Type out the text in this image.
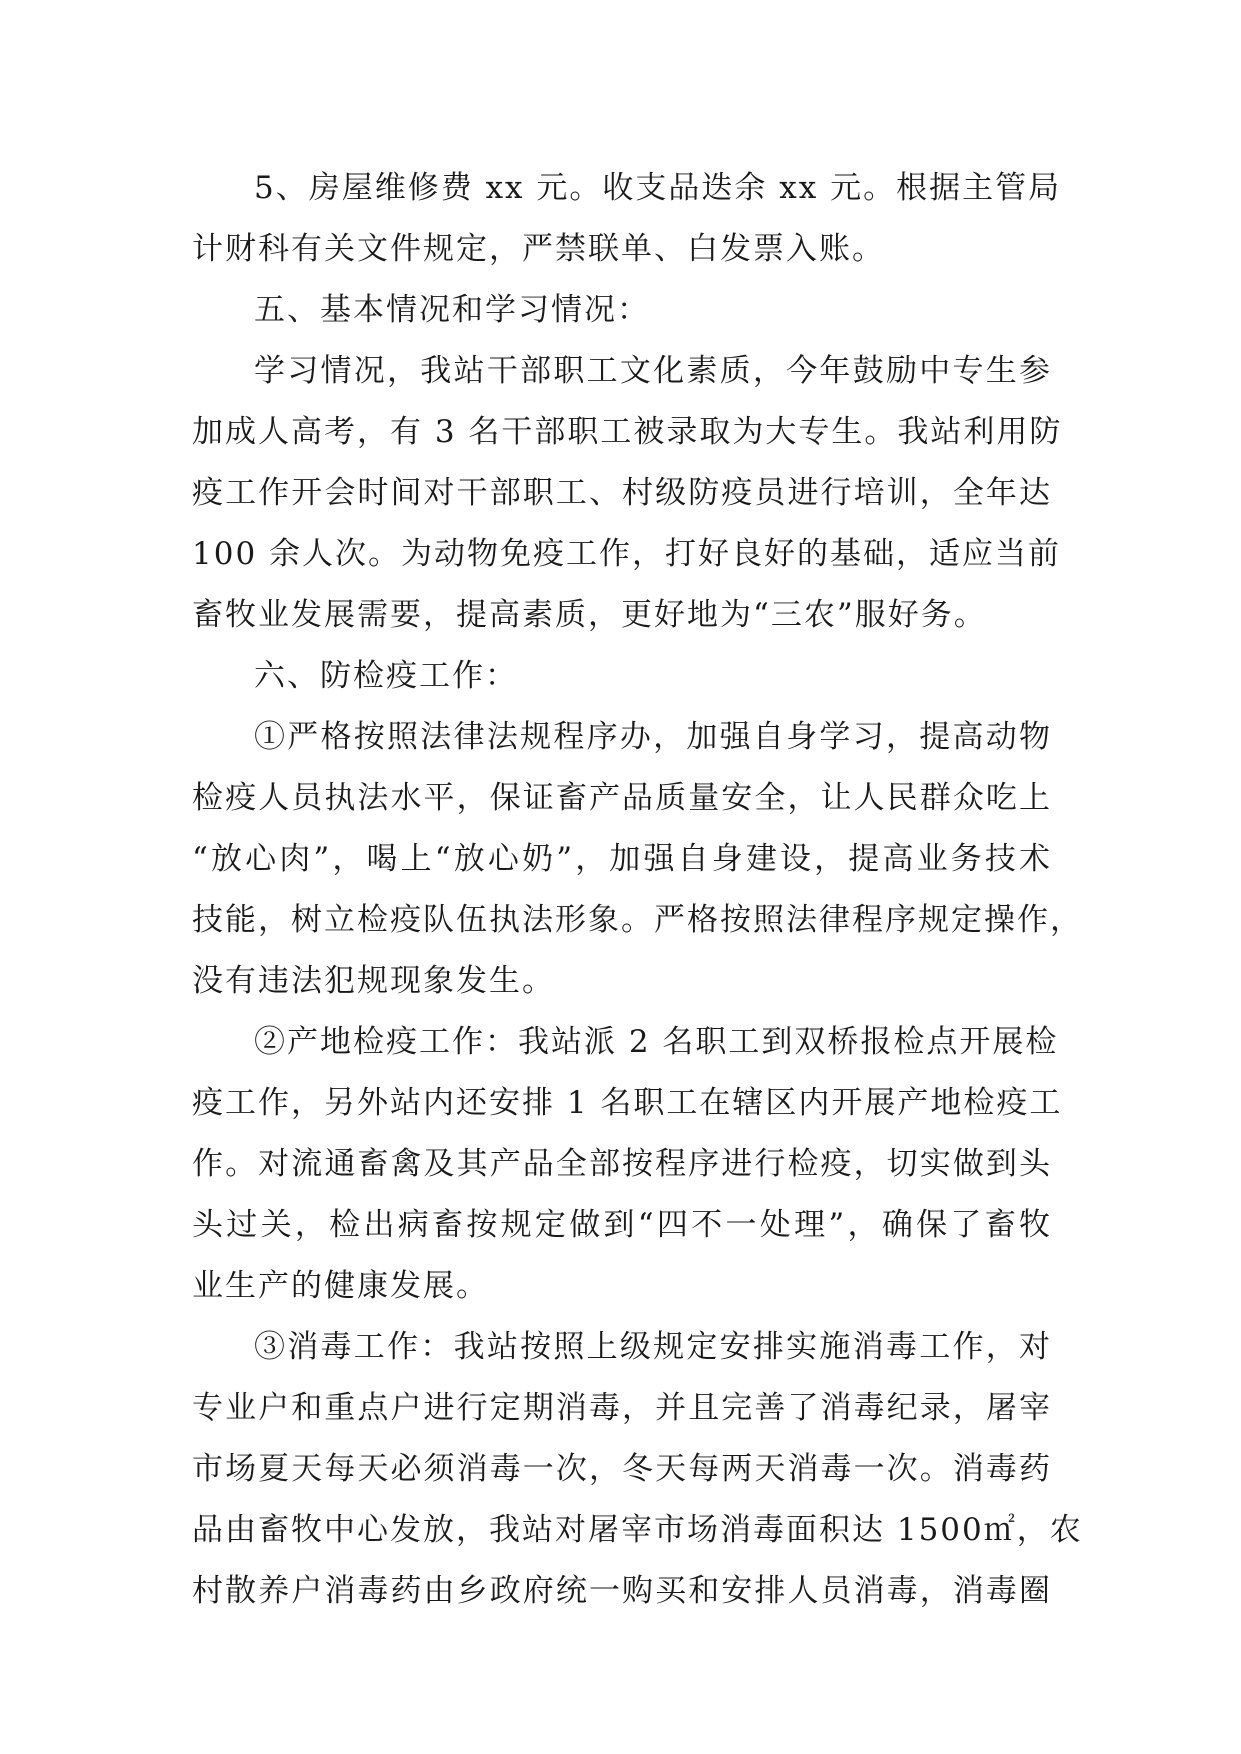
5、房屋维修费 xx 元。收支品迭余 xx 元。根据主管局
计财科有关文件规定，严禁联单、白发票入账。
五、基本情况和学习情况：
学习情况，我站干部职工文化素质，今年鼓励中专生参
加成人高考，有 3 名干部职工被录取为大专生。我站利用防
疫工作开会时间对干部职工、村级防疫员进行培训，全年达
100 余人次。为动物免疫工作，打好良好的基础，适应当前
畜牧业发展需要，提高素质，更好地为“三农”服好务。
六、防检疫工作：
①严格按照法律法规程序办，加强自身学习，提高动物
检疫人员执法水平，保证畜产品质量安全，让人民群众吃上
“放心肉”，喝上“放心奶”，加强自身建设，提高业务技术
技能，树立检疫队伍执法形象。严格按照法律程序规定操作，
没有违法犯规现象发生。
②产地检疫工作：我站派 2 名职工到双桥报检点开展检
疫工作，另外站内还安排 1 名职工在辖区内开展产地检疫工
作。对流通畜禽及其产品全部按程序进行检疫，切实做到头
头过关，检出病畜按规定做到“四不一处理”，确保了畜牧
业生产的健康发展。
③消毒工作：我站按照上级规定安排实施消毒工作，对
专业户和重点户进行定期消毒，并且完善了消毒纪录，屠宰
市场夏天每天必须消毒一次，冬天每两天消毒一次。消毒药
品由畜牧中心发放，我站对屠宰市场消毒面积达 1500㎡，农
村散养户消毒药由乡政府统一购买和安排人员消毒，消毒圈
